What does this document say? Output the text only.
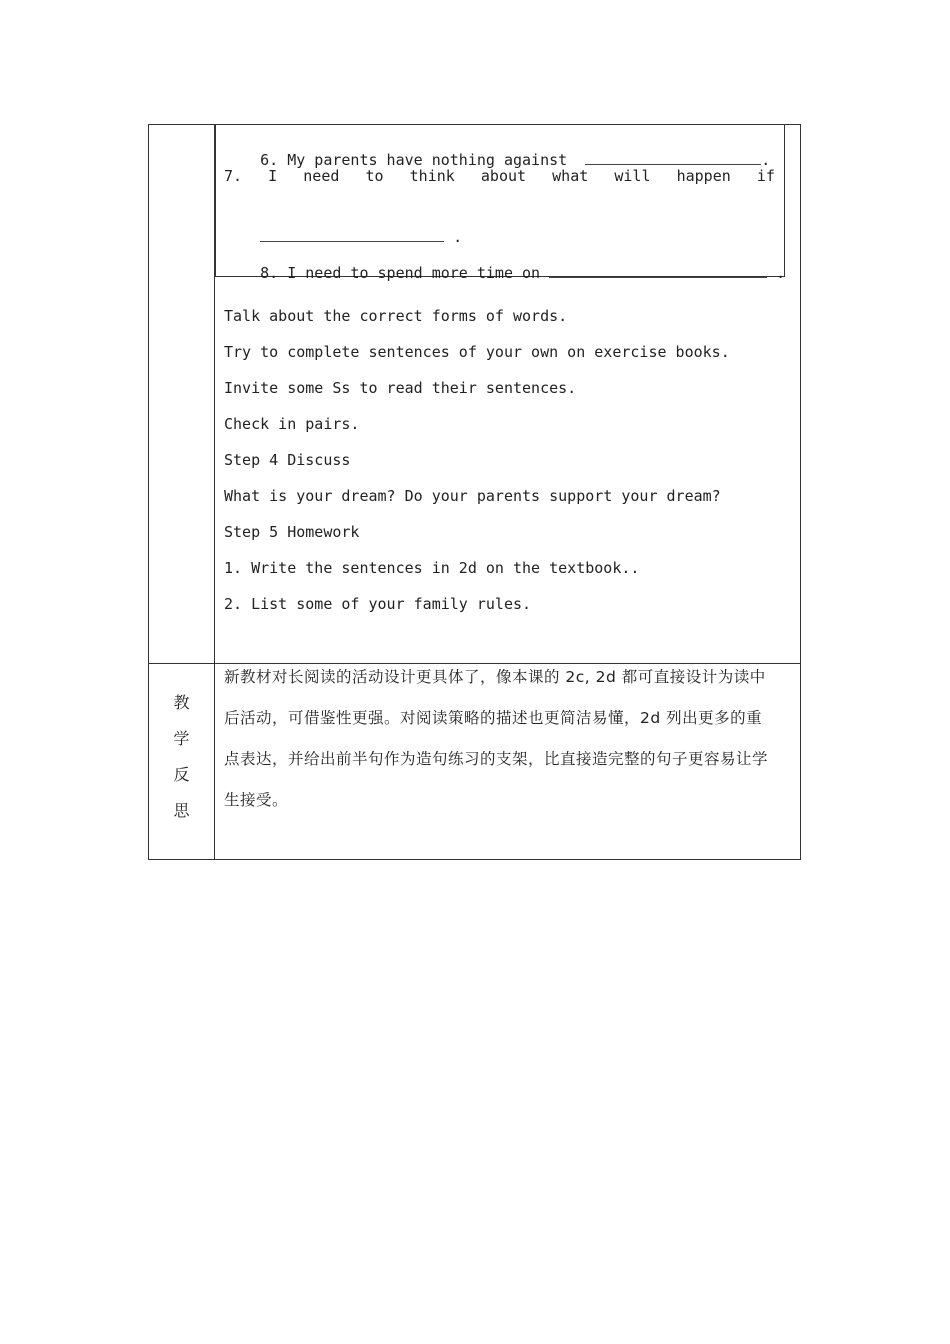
6. My parents have nothing against	.

7. I need to think about what will happen if

.

8. I need to spend more time on	.

Talk about the correct forms of words.
Try to complete sentences of your own on exercise books.
Invite some Ss to read their sentences.
Check in pairs.
Step 4 Discuss
What is your dream? Do your parents support your dream?
Step 5 Homework
1. Write the sentences in 2d on the textbook..
2. List some of your family rules.
教
学
反
思
新教材对长阅读的活动设计更具体了，像本课的 2c, 2d 都可直接设计为读中
后活动，可借鉴性更强。对阅读策略的描述也更简洁易懂，2d 列出更多的重
点表达，并给出前半句作为造句练习的支架，比直接造完整的句子更容易让学
生接受。
